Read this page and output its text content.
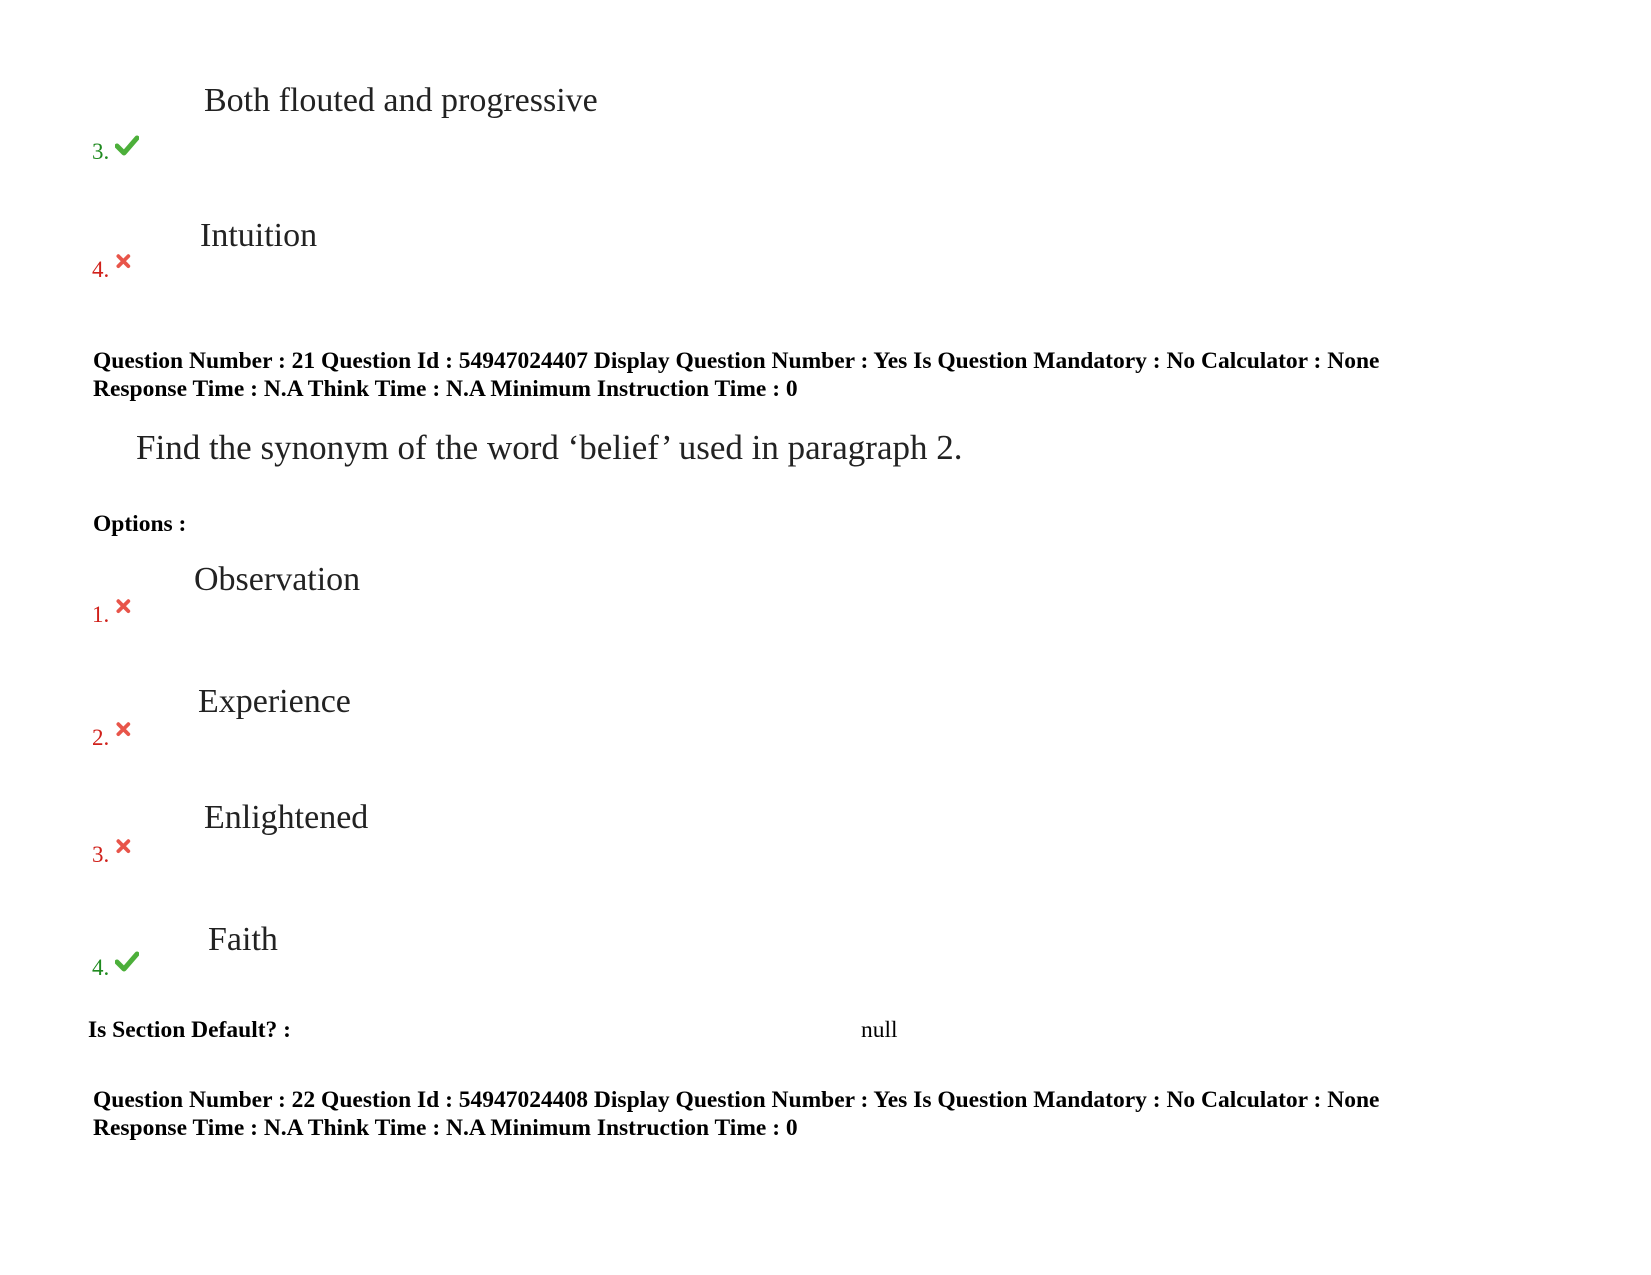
Both flouted and progressive
3.
Intuition
4.
Question Number : 21 Question Id : 54947024407 Display Question Number : Yes Is Question Mandatory : No Calculator : None
Response Time : N.A Think Time : N.A Minimum Instruction Time : 0
Find the synonym of the word ‘belief’ used in paragraph 2.
Options :
Observation
1.
Experience
2.
Enlightened
3.
Faith
4.
Is Section Default? :	null
Question Number : 22 Question Id : 54947024408 Display Question Number : Yes Is Question Mandatory : No Calculator : None
Response Time : N.A Think Time : N.A Minimum Instruction Time : 0
